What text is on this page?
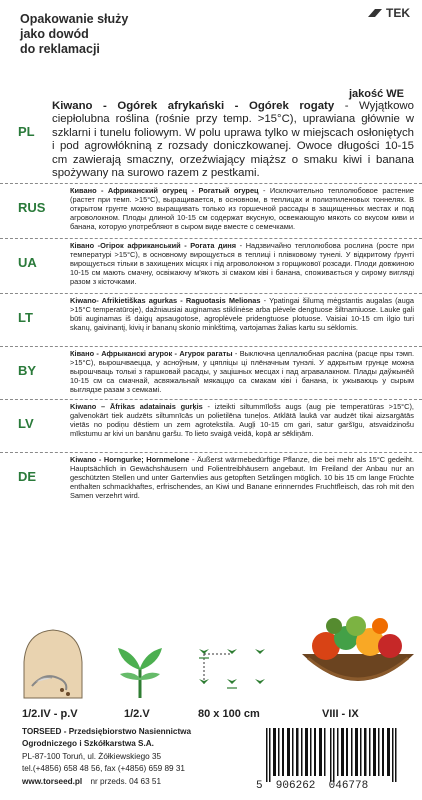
Opakowanie służy
jako dowód
do reklamacji
TEK
jakość WE
PL
Kiwano - Ogórek afrykański - Ogórek rogaty - Wyjątkowo ciepłolubna roślina (rośnie przy temp. >15°C), uprawiana głównie w szklarni i tunelu foliowym. W polu uprawa tylko w miejscach osłoniętych i pod agrowłókniną z rozsady doniczkowanej. Owoce długości 10-15 cm zawierają smaczny, orzeźwiający miąższ o smaku kiwi i banana spożywany na surowo razem z pestkami.
RUS
Кивано - Африканский огурец - Рогатый огурец - Исключительно теплолюбовое растение (растет при темп. >15°C), выращивается, в основном, в теплицах и полиэтиленовых тоннелях. В открытом грунте можно выращивать только из горшечной рассады в защищенных местах и под агроволокном. Плоды длиной 10-15 см содержат вкусную, освежающую мякоть со вкусом киви и банана, которую употребляют в сыром виде вместе с семечками.
UA
Ківано -Огірок африканський - Рогата диня - Надзвичайно теплолюбова рослина (росте при температурі >15°C), в основному вирощується в теплиці і плівковому тунелі. У відкритому ґрунті вирощується тільки в захищених місцях і під агроволокном з горщикової розсади. Плоди довжиною 10-15 см мають смачну, освіжаючу м'якоть зі смаком ківі і банана, споживається у сирому вигляді разом з кісточками.
LT
Kiwano- Afrikietiškas agurkas - Raguotasis Melionas - Ypatingai šilumą mėgstantis augalas (auga >15°C temperatūroje), dažniausiai auginamas stiklinėse arba plėvele dengtuose šiltnamiuose. Lauke gali būti auginamas iš daigų apsaugotose, agroplėvele pridengtuose plotuose. Vaisiai 10-15 cm ilgio turi skanų, gaivinantį, kivių ir bananų skonio minkštimą, vartojamas žalias kartu su sėklomis.
BY
Ківано - Афрыканскі агурок - Агурок рагаты - Выключна цеплалюбная расліна (расце пры тэмп. >15°C), вырошчваецца, у асноўным, у цяпліцы ці плёначным тунэлі. У адкрытым грунце можна вырошчваць толькі з гаршковай расады, у зацішных месцах і пад агравалакном. Плады даўжынёй 10-15 см са смачнай, асвяжальнай мякаццю са смакам ківі і банана, іх ужываюць у сырым выглядзе разам з семкамі.
LV
Kiwano – Āfrikas adatainais gurķis - izteikti siltummīlošs augs (aug pie temperatūras >15°C), galvenokārt tiek audzēts siltumnīcās un polietilēna tuneļos. Atklātā laukā var audzēt tikai aizsargātās vietās no podiņu dēstiem un zem agrotekstila. Augļi 10-15 cm gari, satur garšīgu, atsvaidzinošu mīkstumu ar kivi un banānu garšu. To lieto svaigā veidā, kopā ar sēkliņām.
DE
Kiwano - Horngurke; Hornmelone - Äußerst wärmebedürftige Pflanze, die bei mehr als 15°C gedeiht. Hauptsächlich in Gewächshäusern und Folientreibhäusern angebaut. Im Freiland der Anbau nur an geschützten Stellen und unter Gartenvlies aus getopften Setzlingen möglich. 10 bis 15 cm lange Früchte enthalten schmackhaftes, erfrischendes, an Kiwi und Banane erinnerndes Fruchtfleisch, das roh mit den Samen verzehrt wird.
1/2.IV - p.V	1/2.V	80 x 100 cm	VIII - IX
TORSEED - Przedsiębiorstwo Nasiennictwa
Ogrodniczego i Szkółkarstwa S.A.
PL-87-100 Toruń, ul. Żółkiewskiego 35
tel.(+4856) 658 48 56, fax (+4856) 659 89 31
www.torseed.pl nr przeds. 04 63 51	5  906262  046778
